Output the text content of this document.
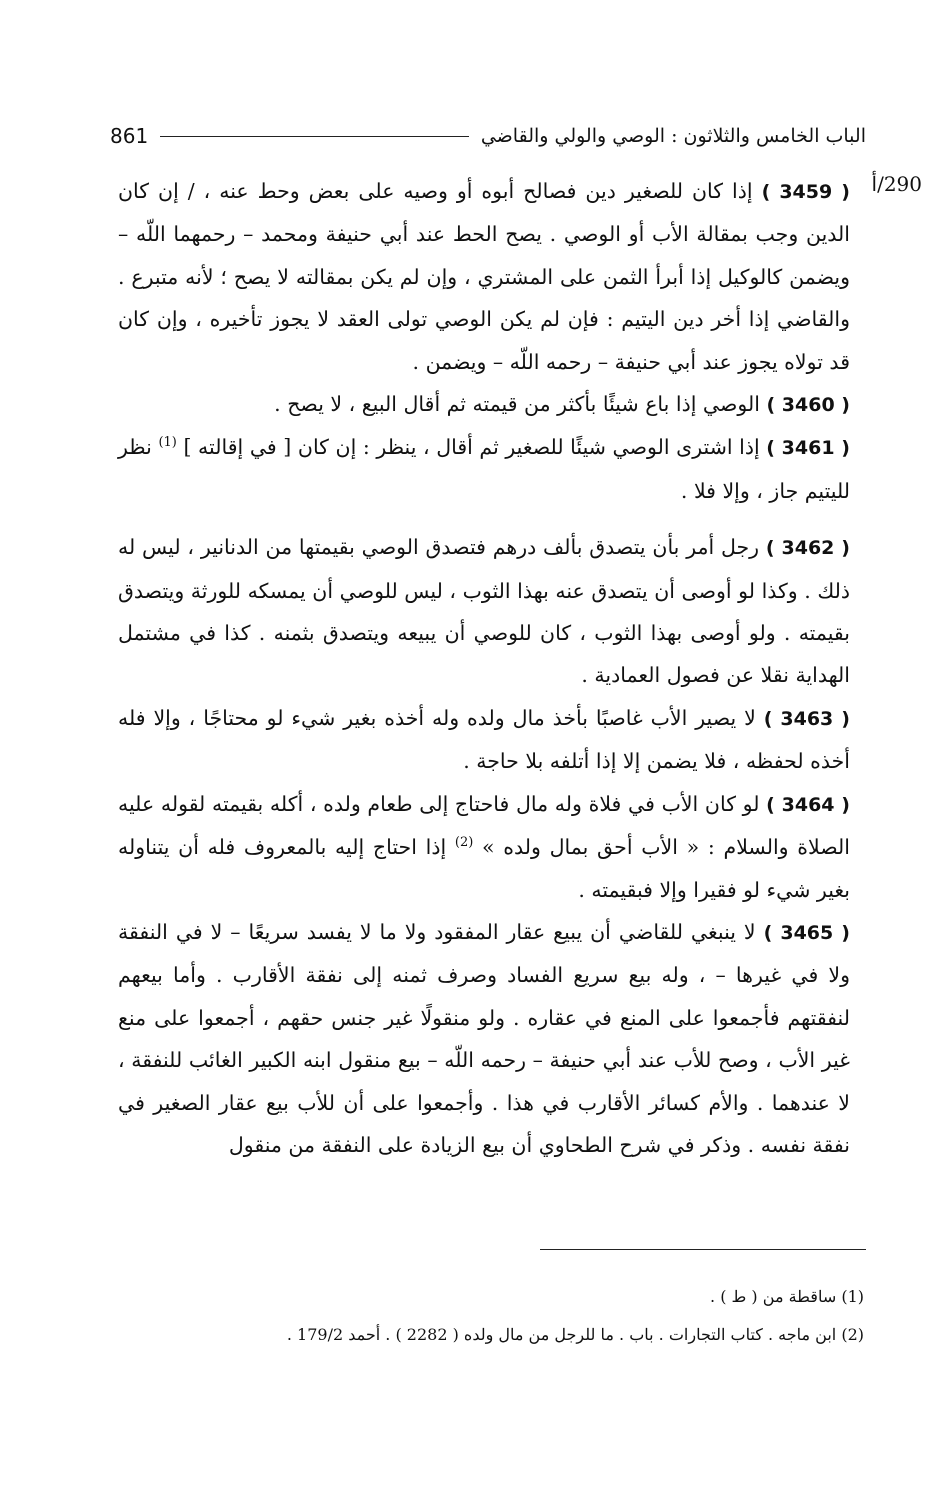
الباب الخامس والثلاثون : الوصي والولي والقاضي
861
290/أ

( 3459 ) إذا كان للصغير دين فصالح أبوه أو وصيه على بعض وحط عنه ، / إن كان الدين وجب بمقالة الأب أو الوصي . يصح الحط عند أبي حنيفة ومحمد – رحمهما اللّه – ويضمن كالوكيل إذا أبرأ الثمن على المشتري ، وإن لم يكن بمقالته لا يصح ؛ لأنه متبرع . والقاضي إذا أخر دين اليتيم : فإن لم يكن الوصي تولى العقد لا يجوز تأخيره ، وإن كان قد تولاه يجوز عند أبي حنيفة – رحمه اللّه – ويضمن .

( 3460 ) الوصي إذا باع شيئًا بأكثر من قيمته ثم أقال البيع ، لا يصح .

( 3461 ) إذا اشترى الوصي شيئًا للصغير ثم أقال ، ينظر : إن كان [ في إقالته ] $^{(1)}$ نظر لليتيم جاز ، وإلا فلا .

( 3462 ) رجل أمر بأن يتصدق بألف درهم فتصدق الوصي بقيمتها من الدنانير ، ليس له ذلك . وكذا لو أوصى أن يتصدق عنه بهذا الثوب ، ليس للوصي أن يمسكه للورثة ويتصدق بقيمته . ولو أوصى بهذا الثوب ، كان للوصي أن يبيعه ويتصدق بثمنه . كذا في مشتمل الهداية نقلا عن فصول العمادية .

( 3463 ) لا يصير الأب غاصبًا بأخذ مال ولده وله أخذه بغير شيء لو محتاجًا ، وإلا فله أخذه لحفظه ، فلا يضمن إلا إذا أتلفه بلا حاجة .

( 3464 ) لو كان الأب في فلاة وله مال فاحتاج إلى طعام ولده ، أكله بقيمته لقوله عليه الصلاة والسلام : « الأب أحق بمال ولده » $^{(2)}$ إذا احتاج إليه بالمعروف فله أن يتناوله بغير شيء لو فقيرا وإلا فبقيمته .

( 3465 ) لا ينبغي للقاضي أن يبيع عقار المفقود ولا ما لا يفسد سريعًا – لا في النفقة ولا في غيرها – ، وله بيع سريع الفساد وصرف ثمنه إلى نفقة الأقارب . وأما بيعهم لنفقتهم فأجمعوا على المنع في عقاره . ولو منقولًا غير جنس حقهم ، أجمعوا على منع غير الأب ، وصح للأب عند أبي حنيفة – رحمه اللّه – بيع منقول ابنه الكبير الغائب للنفقة ، لا عندهما . والأم كسائر الأقارب في هذا . وأجمعوا على أن للأب بيع عقار الصغير في نفقة نفسه . وذكر في شرح الطحاوي أن بيع الزيادة على النفقة من منقول

(1) ساقطة من ( ط ) .

(2) ابن ماجه . كتاب التجارات . باب . ما للرجل من مال ولده ( 2282 ) . أحمد 179/2 .
